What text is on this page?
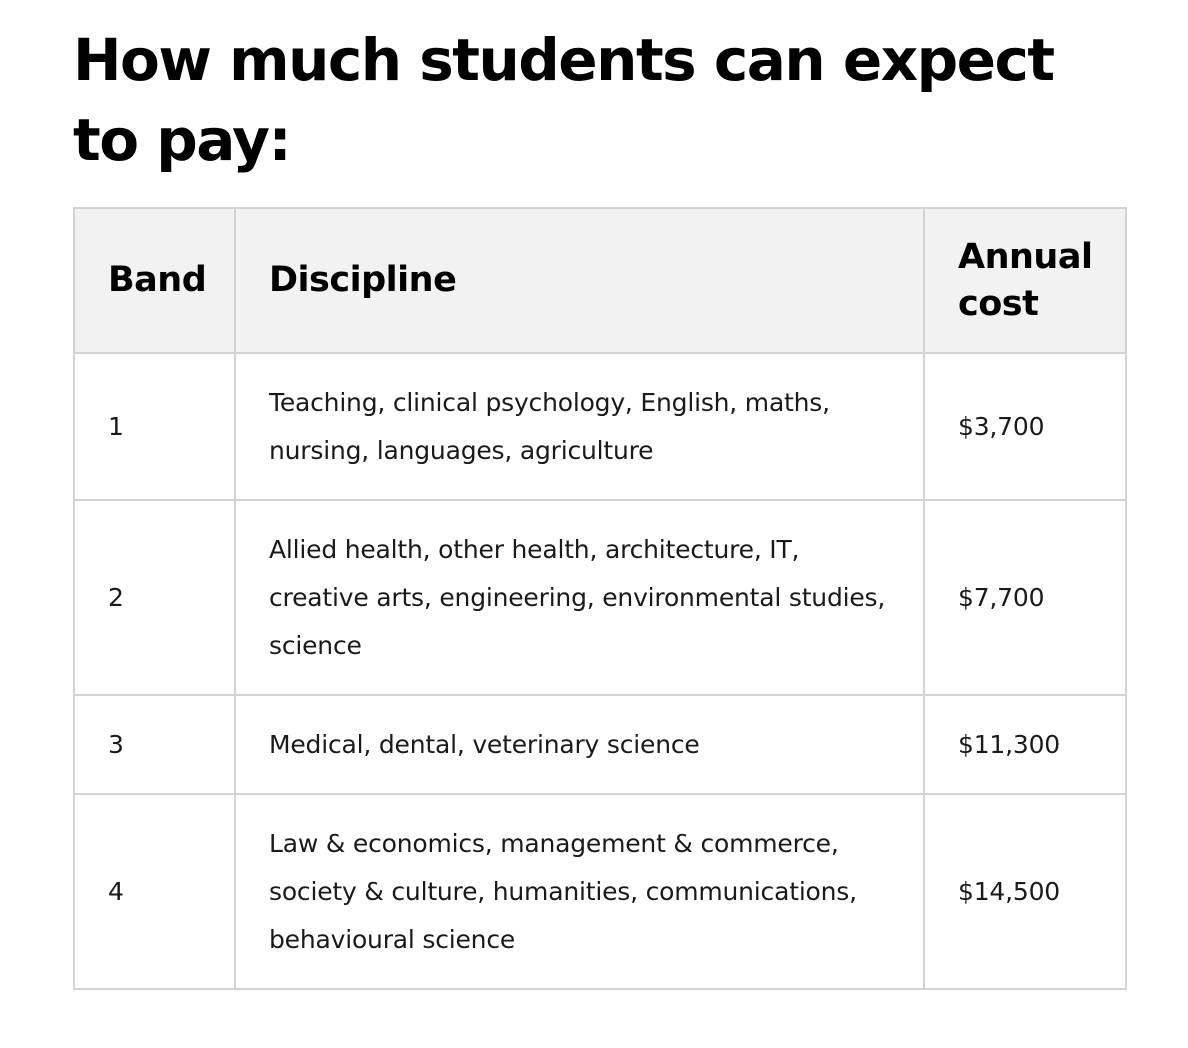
How much students can expect to pay:
Band	Discipline	Annual cost
1	Teaching, clinical psychology, English, maths, nursing, languages, agriculture	$3,700
2	Allied health, other health, architecture, IT, creative arts, engineering, environmental studies, science	$7,700
3	Medical, dental, veterinary science	$11,300
4	Law & economics, management & commerce, society & culture, humanities, communications, behavioural science	$14,500
